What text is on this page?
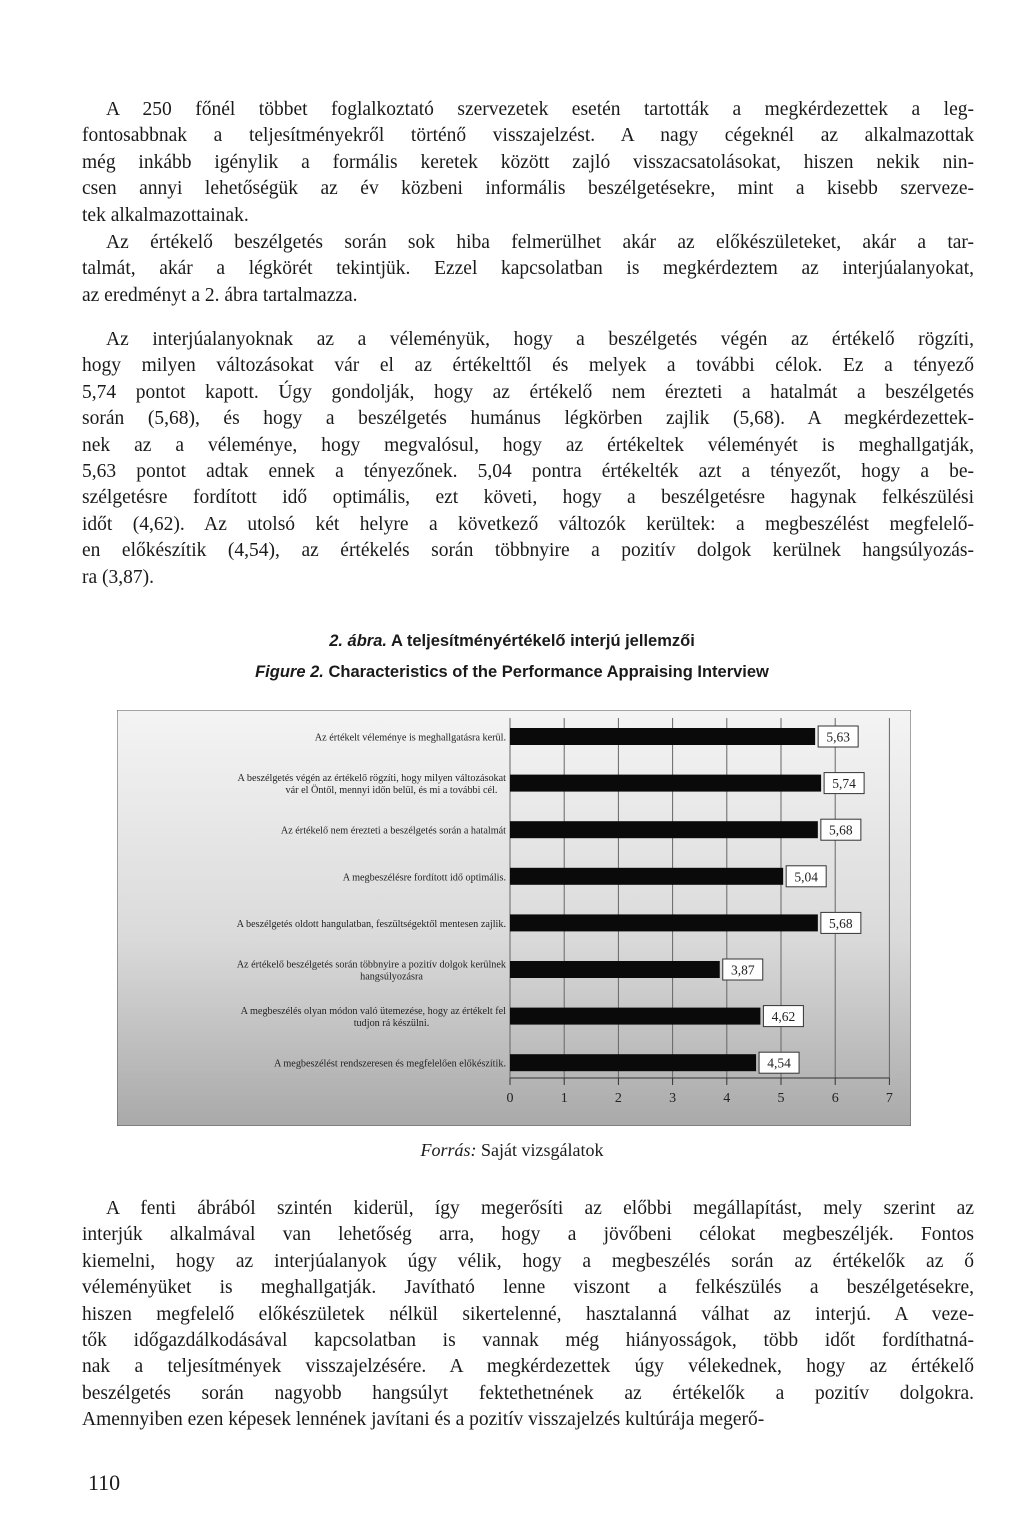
A 250 főnél többet foglalkoztató szervezetek esetén tartották a megkérdezettek a leg-
fontosabbnak a teljesítményekről történő visszajelzést. A nagy cégeknél az alkalmazottak
még inkább igénylik a formális keretek között zajló visszacsatolásokat, hiszen nekik nin-
csen annyi lehetőségük az év közbeni informális beszélgetésekre, mint a kisebb szerveze-
tek alkalmazottainak.
Az értékelő beszélgetés során sok hiba felmerülhet akár az előkészületeket, akár a tar-
talmát, akár a légkörét tekintjük. Ezzel kapcsolatban is megkérdeztem az interjúalanyokat,
az eredményt a 2. ábra tartalmazza.
Az interjúalanyoknak az a véleményük, hogy a beszélgetés végén az értékelő rögzíti,
hogy milyen változásokat vár el az értékelttől és melyek a további célok. Ez a tényező
5,74 pontot kapott. Úgy gondolják, hogy az értékelő nem érezteti a hatalmát a beszélgetés
során (5,68), és hogy a beszélgetés humánus légkörben zajlik (5,68). A megkérdezettek-
nek az a véleménye, hogy megvalósul, hogy az értékeltek véleményét is meghallgatják,
5,63 pontot adtak ennek a tényezőnek. 5,04 pontra értékelték azt a tényezőt, hogy a be-
szélgetésre fordított idő optimális, ezt követi, hogy a beszélgetésre hagynak felkészülési
időt (4,62). Az utolsó két helyre a következő változók kerültek: a megbeszélést megfelelő-
en előkészítik (4,54), az értékelés során többnyire a pozitív dolgok kerülnek hangsúlyozás-
ra (3,87).
2. ábra. A teljesítményértékelő interjú jellemzői
Figure 2. Characteristics of the Performance Appraising Interview
Az értékelt véleménye is meghallgatásra kerül.
A beszélgetés végén az értékelő rögzíti, hogy milyen változásokat
vár el Öntől, mennyi időn belül, és mi a további cél.
Az értékelő nem érezteti a beszélgetés során a hatalmát
A megbeszélésre fordított idő optimális.
A beszélgetés oldott hangulatban, feszültségektől mentesen zajlik.
Az értékelő beszélgetés során többnyire a pozitív dolgok kerülnek
hangsúlyozásra
A megbeszélés olyan módon való ütemezése, hogy az értékelt fel
tudjon rá készülni.
A megbeszélést rendszeresen és megfelelően előkészítik.
5,63
5,74
5,68
5,04
5,68
3,87
4,62
4,54
0	1	2	3	4	5	6	7
Forrás: Saját vizsgálatok
A fenti ábrából szintén kiderül, így megerősíti az előbbi megállapítást, mely szerint az
interjúk alkalmával van lehetőség arra, hogy a jövőbeni célokat megbeszéljék. Fontos
kiemelni, hogy az interjúalanyok úgy vélik, hogy a megbeszélés során az értékelők az ő
véleményüket is meghallgatják. Javítható lenne viszont a felkészülés a beszélgetésekre,
hiszen megfelelő előkészületek nélkül sikertelenné, hasztalanná válhat az interjú. A veze-
tők időgazdálkodásával kapcsolatban is vannak még hiányosságok, több időt fordíthatná-
nak a teljesítmények visszajelzésére. A megkérdezettek úgy vélekednek, hogy az értékelő
beszélgetés során nagyobb hangsúlyt fektethetnének az értékelők a pozitív dolgokra.
Amennyiben ezen képesek lennének javítani és a pozitív visszajelzés kultúrája megerő-
110
